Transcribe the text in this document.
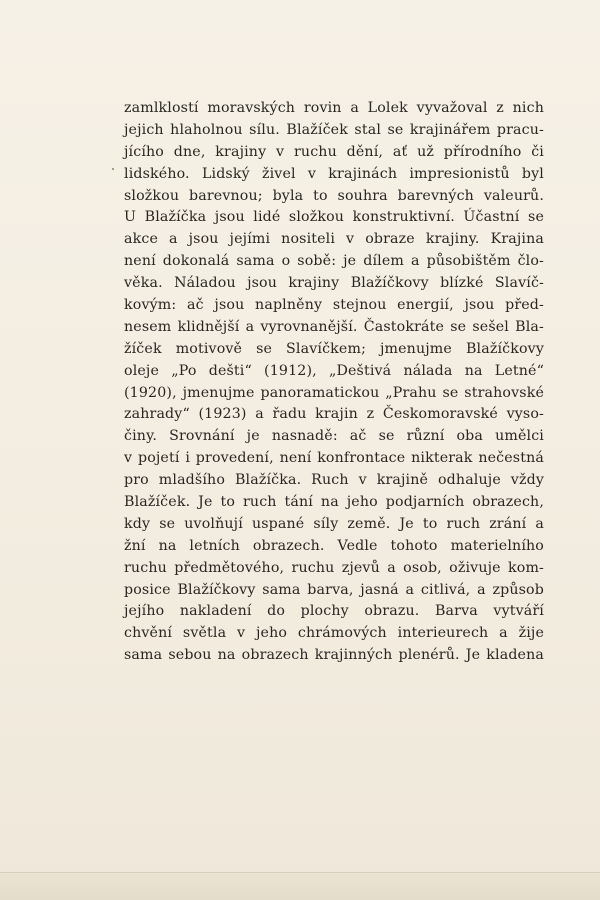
zamlklostí moravských rovin a Lolek vyvažoval z nich
jejich hlaholnou sílu. Blažíček stal se krajinářem pracu-
jícího dne, krajiny v ruchu dění, ať už přírodního či
lidského. Lidský živel v krajinách impresionistů byl
složkou barevnou; byla to souhra barevných valeurů.
U Blažíčka jsou lidé složkou konstruktivní. Účastní se
akce a jsou jejími nositeli v obraze krajiny. Krajina
není dokonalá sama o sobě: je dílem a působištěm člo-
věka. Náladou jsou krajiny Blažíčkovy blízké Slavíč-
kovým: ač jsou naplněny stejnou energií, jsou před-
nesem klidnější a vyrovnanější. Častokráte se sešel Bla-
žíček motivově se Slavíčkem; jmenujme Blažíčkovy
oleje „Po dešti“ (1912), „Deštivá nálada na Letné“
(1920), jmenujme panoramatickou „Prahu se strahovské
zahrady“ (1923) a řadu krajin z Českomoravské vyso-
činy. Srovnání je nasnadě: ač se různí oba umělci
v pojetí i provedení, není konfrontace nikterak nečestná
pro mladšího Blažíčka. Ruch v krajině odhaluje vždy
Blažíček. Je to ruch tání na jeho podjarních obrazech,
kdy se uvolňují uspané síly země. Je to ruch zrání a
žní na letních obrazech. Vedle tohoto materielního
ruchu předmětového, ruchu zjevů a osob, oživuje kom-
posice Blažíčkovy sama barva, jasná a citlivá, a způsob
jejího nakladení do plochy obrazu. Barva vytváří
chvění světla v jeho chrámových interieurech a žije
sama sebou na obrazech krajinných plenérů. Je kladena
